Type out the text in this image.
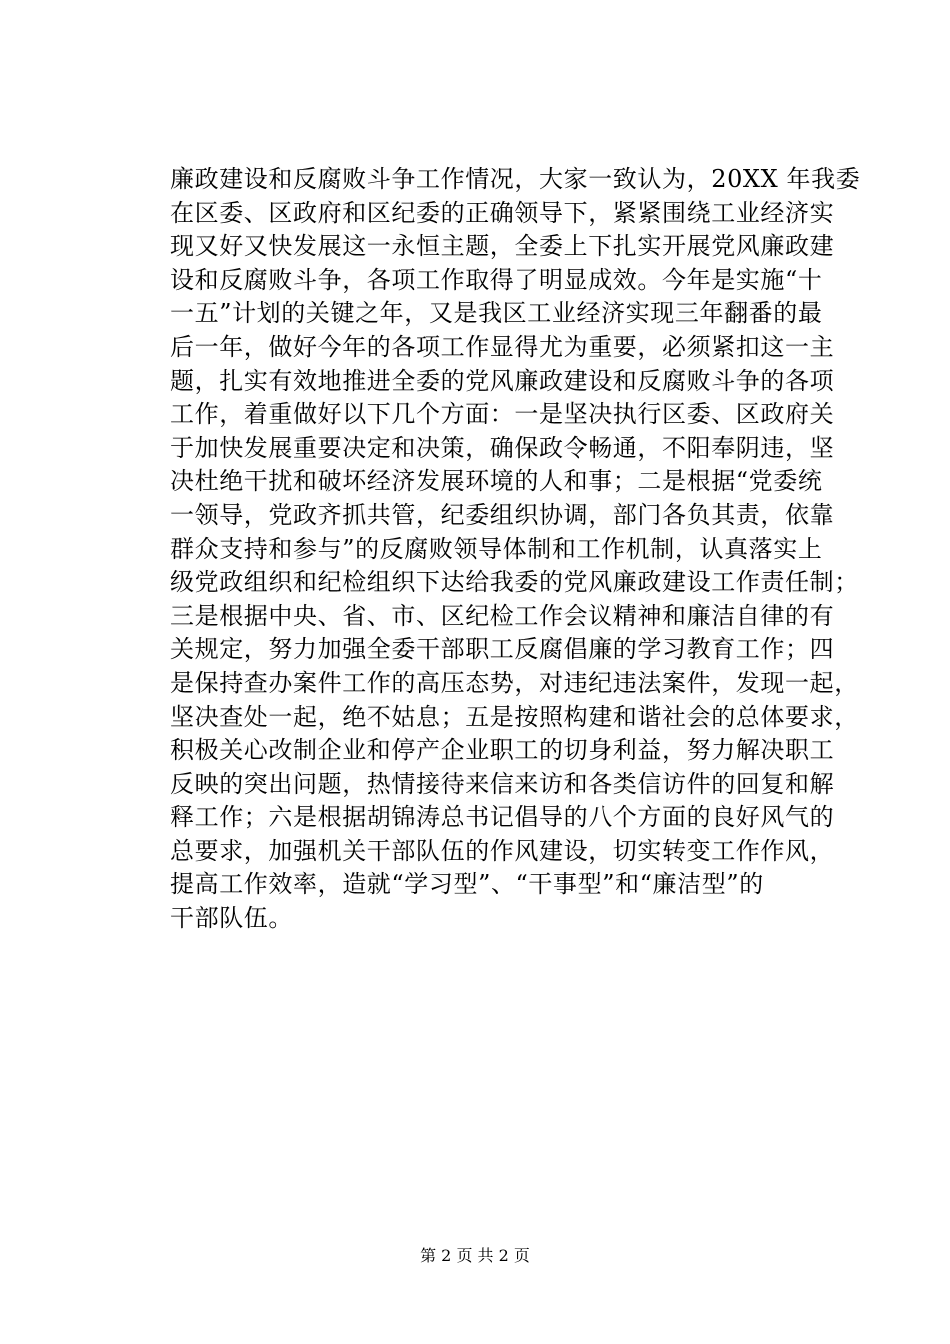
廉政建设和反腐败斗争工作情况，大家一致认为，20XX 年我委
在区委、区政府和区纪委的正确领导下，紧紧围绕工业经济实
现又好又快发展这一永恒主题，全委上下扎实开展党风廉政建
设和反腐败斗争，各项工作取得了明显成效。今年是实施“十
一五”计划的关键之年，又是我区工业经济实现三年翻番的最
后一年，做好今年的各项工作显得尤为重要，必须紧扣这一主
题，扎实有效地推进全委的党风廉政建设和反腐败斗争的各项
工作，着重做好以下几个方面：一是坚决执行区委、区政府关
于加快发展重要决定和决策，确保政令畅通，不阳奉阴违，坚
决杜绝干扰和破坏经济发展环境的人和事；二是根据“党委统
一领导，党政齐抓共管，纪委组织协调，部门各负其责，依靠
群众支持和参与”的反腐败领导体制和工作机制，认真落实上
级党政组织和纪检组织下达给我委的党风廉政建设工作责任制；
三是根据中央、省、市、区纪检工作会议精神和廉洁自律的有
关规定，努力加强全委干部职工反腐倡廉的学习教育工作；四
是保持查办案件工作的高压态势，对违纪违法案件，发现一起，
坚决查处一起，绝不姑息；五是按照构建和谐社会的总体要求，
积极关心改制企业和停产企业职工的切身利益，努力解决职工
反映的突出问题，热情接待来信来访和各类信访件的回复和解
释工作；六是根据胡锦涛总书记倡导的八个方面的良好风气的
总要求，加强机关干部队伍的作风建设，切实转变工作作风，
提高工作效率，造就“学习型”、“干事型”和“廉洁型”的
干部队伍。
第 2 页 共 2 页
